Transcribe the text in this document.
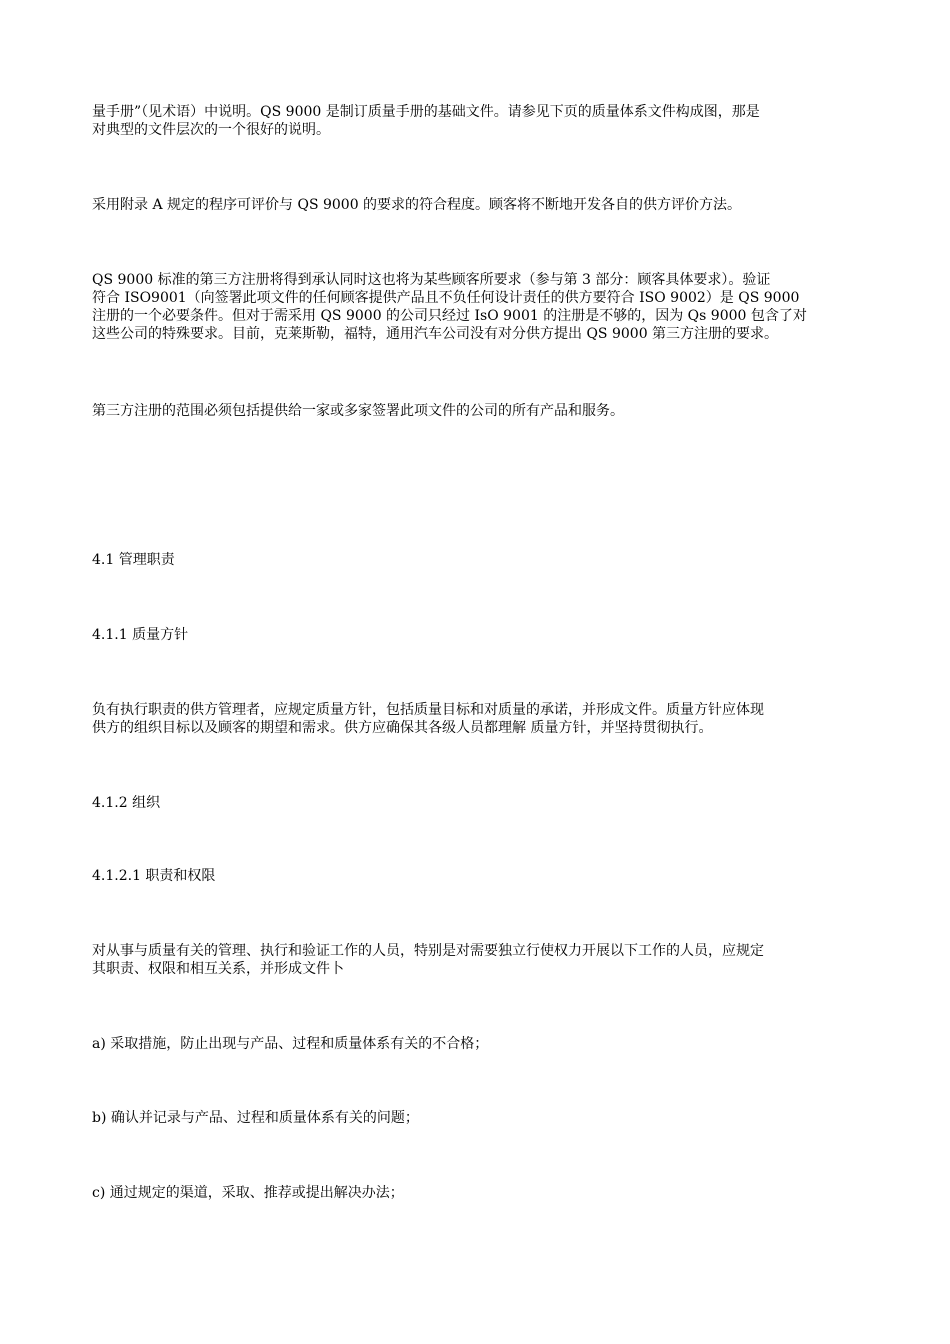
量手册”（见术语）中说明。QS 9000 是制订质量手册的基础文件。请参见下页的质量体系文件构成图，那是
对典型的文件层次的一个很好的说明。

采用附录 A 规定的程序可评价与 QS 9000 的要求的符合程度。顾客将不断地开发各自的供方评价方法。

QS 9000 标准的第三方注册将得到承认同时这也将为某些顾客所要求（参与第 3 部分：顾客具体要求）。验证
符合 ISO9001（向签署此项文件的任何顾客提供产品且不负任何设计责任的供方要符合 ISO 9002）是 QS 9000
注册的一个必要条件。但对于需采用 QS 9000 的公司只经过 IsO 9001 的注册是不够的，因为 Qs 9000 包含了对
这些公司的特殊要求。目前，克莱斯勒，福特，通用汽车公司没有对分供方提出 QS 9000 第三方注册的要求。

第三方注册的范围必须包括提供给一家或多家签署此项文件的公司的所有产品和服务。

4.1 管理职责

4.1.1 质量方针

负有执行职责的供方管理者，应规定质量方针，包括质量目标和对质量的承诺，并形成文件。质量方针应体现
供方的组织目标以及顾客的期望和需求。供方应确保其各级人员都理解 质量方针，并坚持贯彻执行。

4.1.2 组织

4.1.2.1 职责和权限

对从事与质量有关的管理、执行和验证工作的人员，特别是对需要独立行使权力开展以下工作的人员，应规定
其职责、权限和相互关系，并形成文件卜

a) 采取措施，防止出现与产品、过程和质量体系有关的不合格；

b) 确认并记录与产品、过程和质量体系有关的问题；

c) 通过规定的渠道，采取、推荐或提出解决办法；
